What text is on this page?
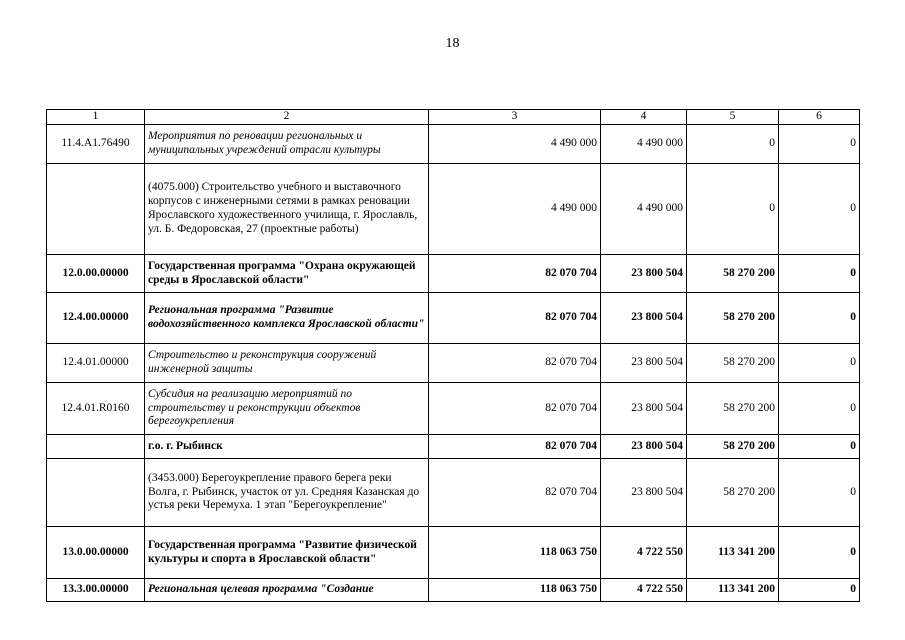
18
1	2	3	4	5	6
11.4.A1.76490	Мероприятия по реновации региональных и муниципальных учреждений отрасли культуры	4 490 000	4 490 000	0	0
	(4075.000) Строительство учебного и выставочного корпусов с инженерными сетями в рамках реновации Ярославского художественного училища, г. Ярославль, ул. Б. Федоровская, 27 (проектные работы)	4 490 000	4 490 000	0	0
12.0.00.00000	Государственная программа "Охрана окружающей среды в Ярославской области"	82 070 704	23 800 504	58 270 200	0
12.4.00.00000	Региональная программа "Развитие водохозяйственного комплекса Ярославской области"	82 070 704	23 800 504	58 270 200	0
12.4.01.00000	Строительство и реконструкция сооружений инженерной защиты	82 070 704	23 800 504	58 270 200	0
12.4.01.R0160	Субсидия на реализацию мероприятий по строительству и реконструкции объектов берегоукрепления	82 070 704	23 800 504	58 270 200	0
	г.о. г. Рыбинск	82 070 704	23 800 504	58 270 200	0
	(3453.000) Берегоукрепление правого берега реки Волга, г. Рыбинск, участок от ул. Средняя Казанская до устья реки Черемуха. 1 этап "Берегоукрепление"	82 070 704	23 800 504	58 270 200	0
13.0.00.00000	Государственная программа "Развитие физической культуры и спорта в Ярославской области"	118 063 750	4 722 550	113 341 200	0
13.3.00.00000	Региональная целевая программа "Создание	118 063 750	4 722 550	113 341 200	0
